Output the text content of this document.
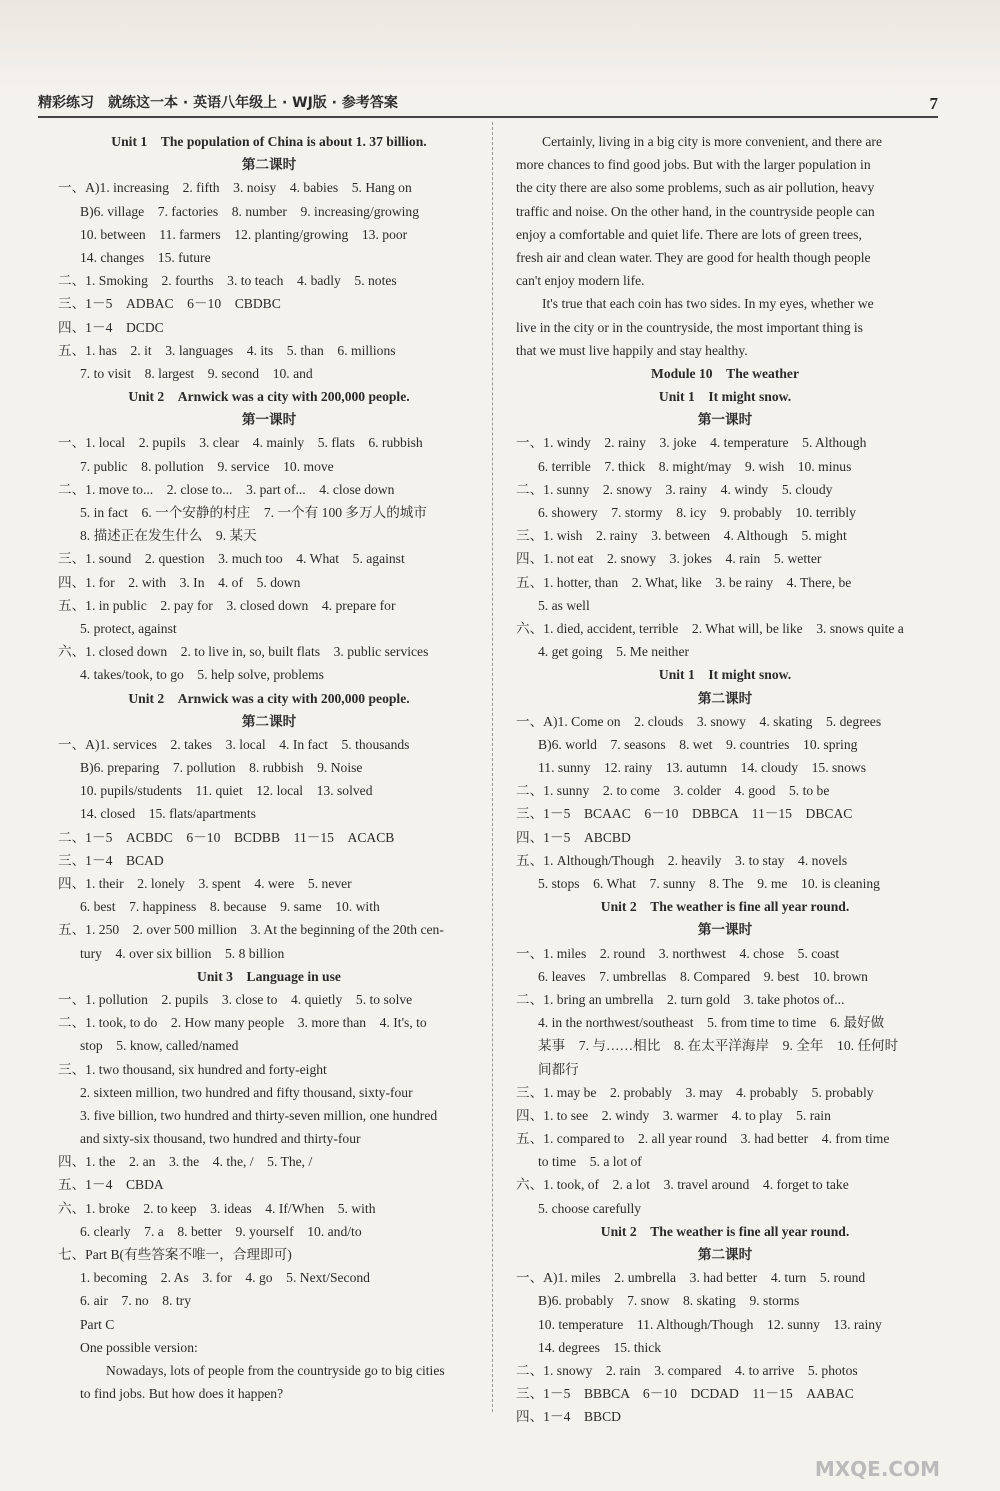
精彩练习　就练这一本 · 英语八年级上 · WJ版 · 参考答案	7
Unit 1　The population of China is about 1. 37 billion.
第二课时
一、A)1. increasing　2. fifth　3. noisy　4. babies　5. Hang on
B)6. village　7. factories　8. number　9. increasing/growing
10. between　11. farmers　12. planting/growing　13. poor
14. changes　15. future
二、1. Smoking　2. fourths　3. to teach　4. badly　5. notes
三、1－5　ADBAC　6－10　CBDBC
四、1－4　DCDC
五、1. has　2. it　3. languages　4. its　5. than　6. millions
7. to visit　8. largest　9. second　10. and
Unit 2　Arnwick was a city with 200,000 people.
第一课时
一、1. local　2. pupils　3. clear　4. mainly　5. flats　6. rubbish
7. public　8. pollution　9. service　10. move
二、1. move to...　2. close to...　3. part of...　4. close down
5. in fact　6. 一个安静的村庄　7. 一个有 100 多万人的城市
8. 描述正在发生什么　9. 某天
三、1. sound　2. question　3. much too　4. What　5. against
四、1. for　2. with　3. In　4. of　5. down
五、1. in public　2. pay for　3. closed down　4. prepare for
5. protect, against
六、1. closed down　2. to live in, so, built flats　3. public services
4. takes/took, to go　5. help solve, problems
Unit 2　Arnwick was a city with 200,000 people.
第二课时
一、A)1. services　2. takes　3. local　4. In fact　5. thousands
B)6. preparing　7. pollution　8. rubbish　9. Noise
10. pupils/students　11. quiet　12. local　13. solved
14. closed　15. flats/apartments
二、1－5　ACBDC　6－10　BCDBB　11－15　ACACB
三、1－4　BCAD
四、1. their　2. lonely　3. spent　4. were　5. never
6. best　7. happiness　8. because　9. same　10. with
五、1. 250　2. over 500 million　3. At the beginning of the 20th cen-
tury　4. over six billion　5. 8 billion
Unit 3　Language in use
一、1. pollution　2. pupils　3. close to　4. quietly　5. to solve
二、1. took, to do　2. How many people　3. more than　4. It's, to
stop　5. know, called/named
三、1. two thousand, six hundred and forty-eight
2. sixteen million, two hundred and fifty thousand, sixty-four
3. five billion, two hundred and thirty-seven million, one hundred
and sixty-six thousand, two hundred and thirty-four
四、1. the　2. an　3. the　4. the, /　5. The, /
五、1－4　CBDA
六、1. broke　2. to keep　3. ideas　4. If/When　5. with
6. clearly　7. a　8. better　9. yourself　10. and/to
七、Part B(有些答案不唯一，合理即可)
1. becoming　2. As　3. for　4. go　5. Next/Second
6. air　7. no　8. try
Part C
One possible version:
Nowadays, lots of people from the countryside go to big cities
to find jobs. But how does it happen?
Certainly, living in a big city is more convenient, and there are
more chances to find good jobs. But with the larger population in
the city there are also some problems, such as air pollution, heavy
traffic and noise. On the other hand, in the countryside people can
enjoy a comfortable and quiet life. There are lots of green trees,
fresh air and clean water. They are good for health though people
can't enjoy modern life.
It's true that each coin has two sides. In my eyes, whether we
live in the city or in the countryside, the most important thing is
that we must live happily and stay healthy.
Module 10　The weather
Unit 1　It might snow.
第一课时
一、1. windy　2. rainy　3. joke　4. temperature　5. Although
6. terrible　7. thick　8. might/may　9. wish　10. minus
二、1. sunny　2. snowy　3. rainy　4. windy　5. cloudy
6. showery　7. stormy　8. icy　9. probably　10. terribly
三、1. wish　2. rainy　3. between　4. Although　5. might
四、1. not eat　2. snowy　3. jokes　4. rain　5. wetter
五、1. hotter, than　2. What, like　3. be rainy　4. There, be
5. as well
六、1. died, accident, terrible　2. What will, be like　3. snows quite a
4. get going　5. Me neither
Unit 1　It might snow.
第二课时
一、A)1. Come on　2. clouds　3. snowy　4. skating　5. degrees
B)6. world　7. seasons　8. wet　9. countries　10. spring
11. sunny　12. rainy　13. autumn　14. cloudy　15. snows
二、1. sunny　2. to come　3. colder　4. good　5. to be
三、1－5　BCAAC　6－10　DBBCA　11－15　DBCAC
四、1－5　ABCBD
五、1. Although/Though　2. heavily　3. to stay　4. novels
5. stops　6. What　7. sunny　8. The　9. me　10. is cleaning
Unit 2　The weather is fine all year round.
第一课时
一、1. miles　2. round　3. northwest　4. chose　5. coast
6. leaves　7. umbrellas　8. Compared　9. best　10. brown
二、1. bring an umbrella　2. turn gold　3. take photos of...
4. in the northwest/southeast　5. from time to time　6. 最好做
某事　7. 与……相比　8. 在太平洋海岸　9. 全年　10. 任何时
间都行
三、1. may be　2. probably　3. may　4. probably　5. probably
四、1. to see　2. windy　3. warmer　4. to play　5. rain
五、1. compared to　2. all year round　3. had better　4. from time
to time　5. a lot of
六、1. took, of　2. a lot　3. travel around　4. forget to take
5. choose carefully
Unit 2　The weather is fine all year round.
第二课时
一、A)1. miles　2. umbrella　3. had better　4. turn　5. round
B)6. probably　7. snow　8. skating　9. storms
10. temperature　11. Although/Though　12. sunny　13. rainy
14. degrees　15. thick
二、1. snowy　2. rain　3. compared　4. to arrive　5. photos
三、1－5　BBBCA　6－10　DCDAD　11－15　AABAC
四、1－4　BBCD
MXQE.COM
